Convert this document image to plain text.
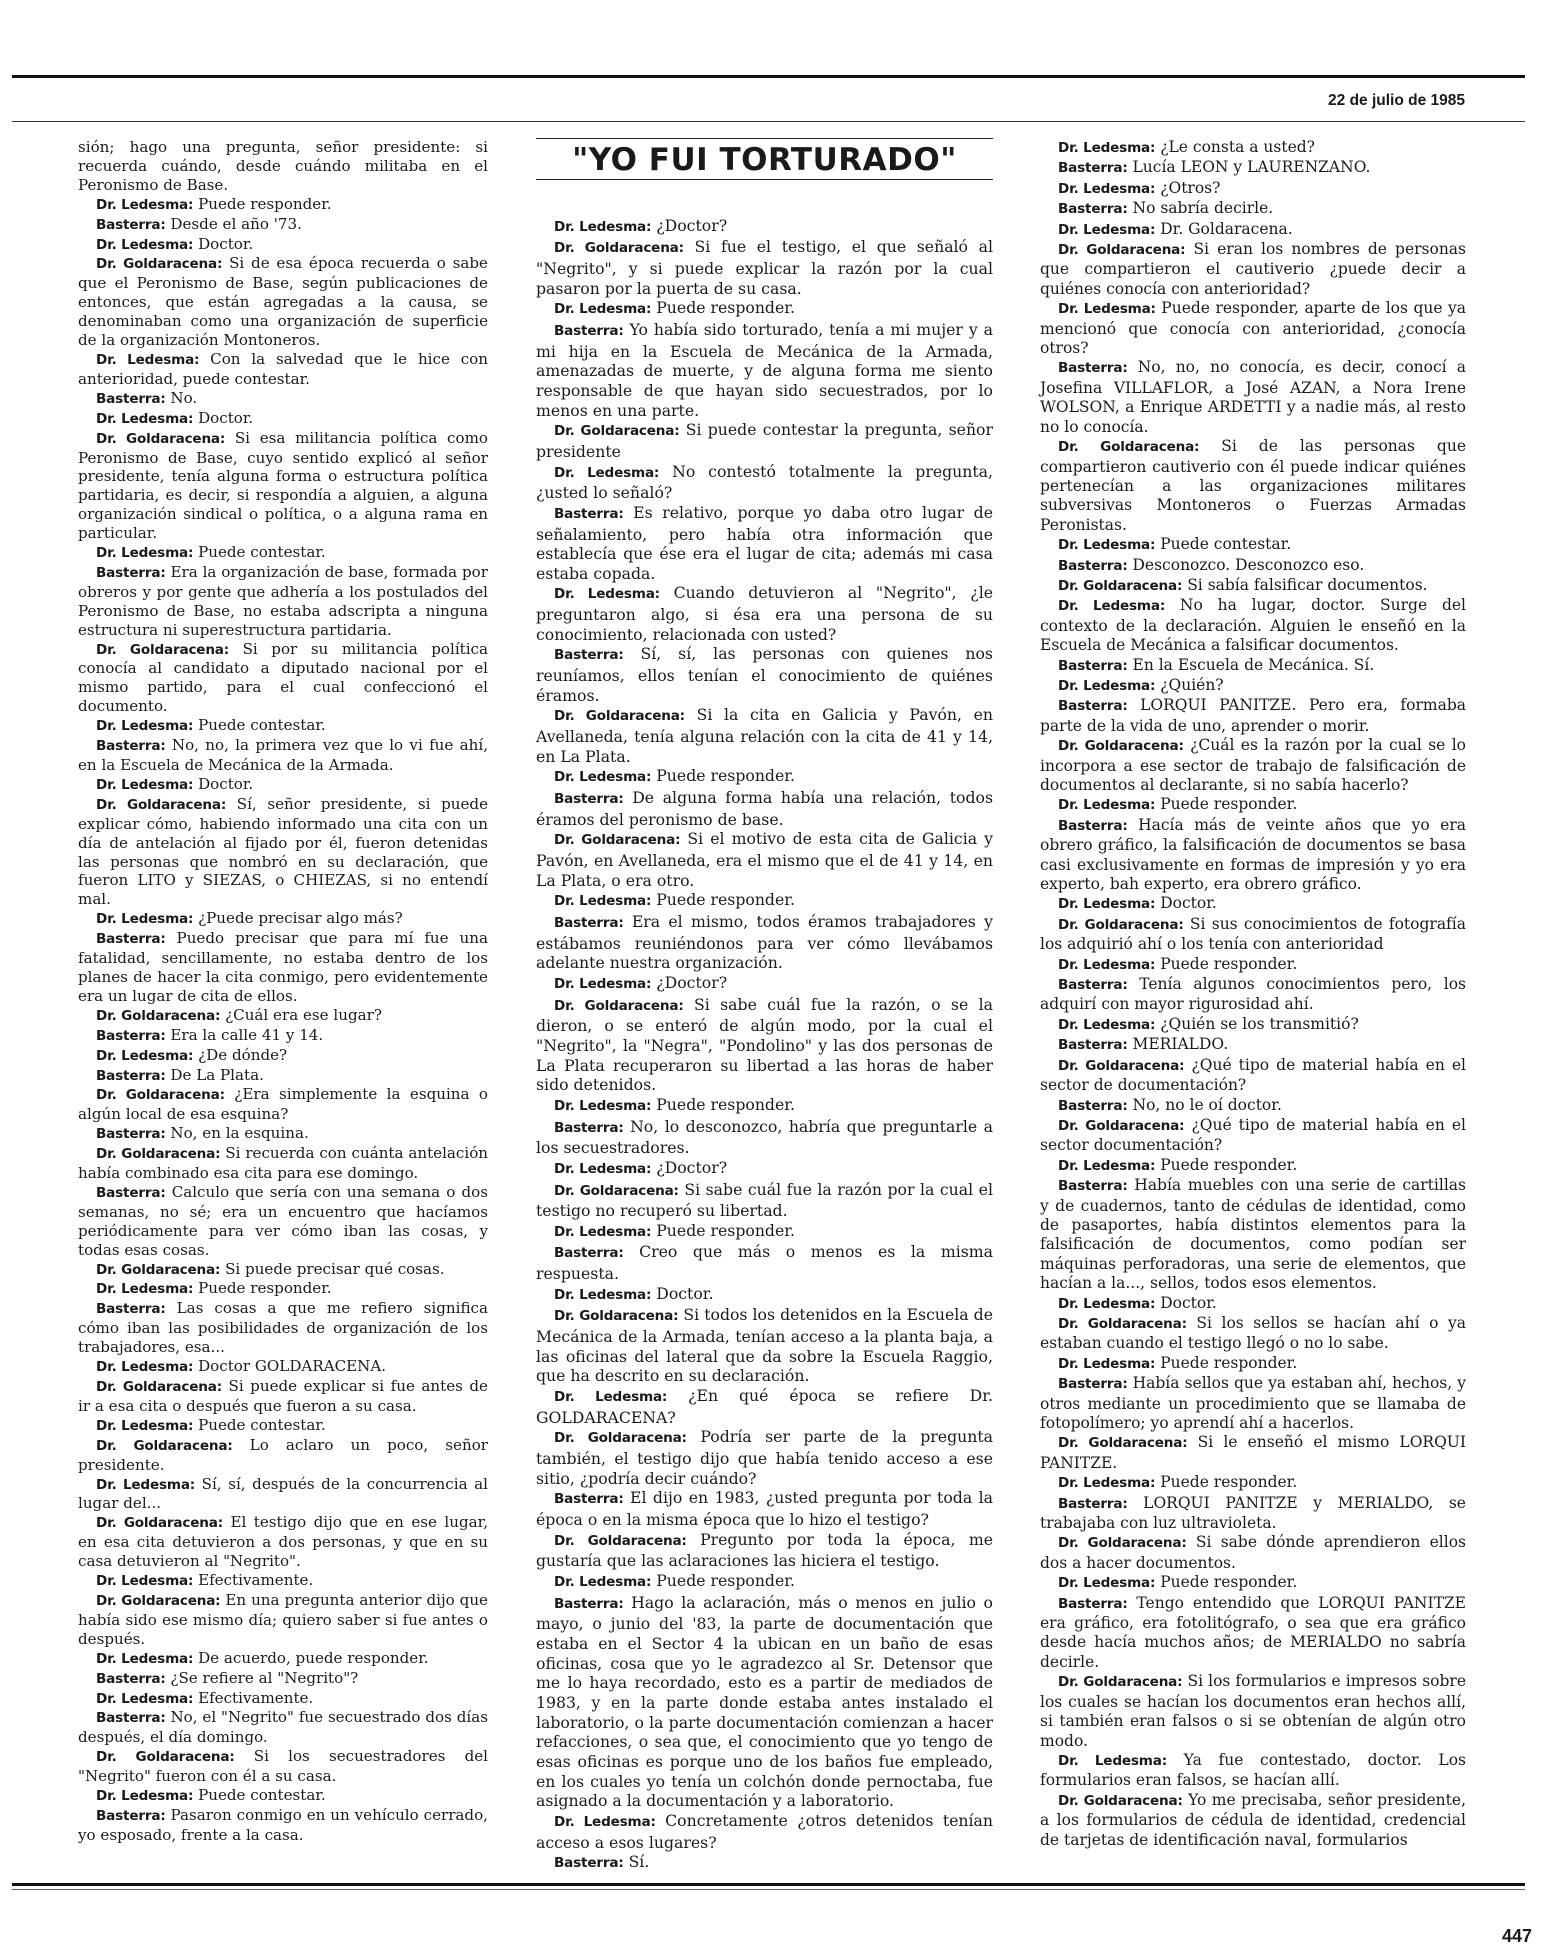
22 de julio de 1985

sión; hago una pregunta, señor presidente: si recuerda cuándo, desde cuándo militaba en el Peronismo de Base.

Dr. Ledesma: Puede responder.

Basterra: Desde el año '73.

Dr. Ledesma: Doctor.

Dr. Goldaracena: Si de esa época recuerda o sabe que el Peronismo de Base, según publicaciones de entonces, que están agregadas a la causa, se denominaban como una organización de superficie de la organización Montoneros.

Dr. Ledesma: Con la salvedad que le hice con anterioridad, puede contestar.

Basterra: No.

Dr. Ledesma: Doctor.

Dr. Goldaracena: Si esa militancia política como Peronismo de Base, cuyo sentido explicó al señor presidente, tenía alguna forma o estructura política partidaria, es decir, si respondía a alguien, a alguna organización sindical o política, o a alguna rama en particular.

Dr. Ledesma: Puede contestar.

Basterra: Era la organización de base, formada por obreros y por gente que adhería a los postulados del Peronismo de Base, no estaba adscripta a ninguna estructura ni superestructura partidaria.

Dr. Goldaracena: Si por su militancia política conocía al candidato a diputado nacional por el mismo partido, para el cual confeccionó el documento.

Dr. Ledesma: Puede contestar.

Basterra: No, no, la primera vez que lo vi fue ahí, en la Escuela de Mecánica de la Armada.

Dr. Ledesma: Doctor.

Dr. Goldaracena: Sí, señor presidente, si puede explicar cómo, habiendo informado una cita con un día de antelación al fijado por él, fueron detenidas las personas que nombró en su declaración, que fueron LITO y SIEZAS, o CHIEZAS, si no entendí mal.

Dr. Ledesma: ¿Puede precisar algo más?

Basterra: Puedo precisar que para mí fue una fatalidad, sencillamente, no estaba dentro de los planes de hacer la cita conmigo, pero evidentemente era un lugar de cita de ellos.

Dr. Goldaracena: ¿Cuál era ese lugar?

Basterra: Era la calle 41 y 14.

Dr. Ledesma: ¿De dónde?

Basterra: De La Plata.

Dr. Goldaracena: ¿Era simplemente la esquina o algún local de esa esquina?

Basterra: No, en la esquina.

Dr. Goldaracena: Si recuerda con cuánta antelación había combinado esa cita para ese domingo.

Basterra: Calculo que sería con una semana o dos semanas, no sé; era un encuentro que hacíamos periódicamente para ver cómo iban las cosas, y todas esas cosas.

Dr. Goldaracena: Si puede precisar qué cosas.

Dr. Ledesma: Puede responder.

Basterra: Las cosas a que me refiero significa cómo iban las posibilidades de organización de los trabajadores, esa...

Dr. Ledesma: Doctor GOLDARACENA.

Dr. Goldaracena: Si puede explicar si fue antes de ir a esa cita o después que fueron a su casa.

Dr. Ledesma: Puede contestar.

Dr. Goldaracena: Lo aclaro un poco, señor presidente.

Dr. Ledesma: Sí, sí, después de la concurrencia al lugar del...

Dr. Goldaracena: El testigo dijo que en ese lugar, en esa cita detuvieron a dos personas, y que en su casa detuvieron al "Negrito".

Dr. Ledesma: Efectivamente.

Dr. Goldaracena: En una pregunta anterior dijo que había sido ese mismo día; quiero saber si fue antes o después.

Dr. Ledesma: De acuerdo, puede responder.

Basterra: ¿Se refiere al "Negrito"?

Dr. Ledesma: Efectivamente.

Basterra: No, el "Negrito" fue secuestrado dos días después, el día domingo.

Dr. Goldaracena: Si los secuestradores del "Negrito" fueron con él a su casa.

Dr. Ledesma: Puede contestar.

Basterra: Pasaron conmigo en un vehículo cerrado, yo esposado, frente a la casa.

"YO FUI TORTURADO"

Dr. Ledesma: ¿Doctor?

Dr. Goldaracena: Si fue el testigo, el que señaló al "Negrito", y si puede explicar la razón por la cual pasaron por la puerta de su casa.

Dr. Ledesma: Puede responder.

Basterra: Yo había sido torturado, tenía a mi mujer y a mi hija en la Escuela de Mecánica de la Armada, amenazadas de muerte, y de alguna forma me siento responsable de que hayan sido secuestrados, por lo menos en una parte.

Dr. Goldaracena: Si puede contestar la pregunta, señor presidente

Dr. Ledesma: No contestó totalmente la pregunta, ¿usted lo señaló?

Basterra: Es relativo, porque yo daba otro lugar de señalamiento, pero había otra información que establecía que ése era el lugar de cita; además mi casa estaba copada.

Dr. Ledesma: Cuando detuvieron al "Negrito", ¿le preguntaron algo, si ésa era una persona de su conocimiento, relacionada con usted?

Basterra: Sí, sí, las personas con quienes nos reuníamos, ellos tenían el conocimiento de quiénes éramos.

Dr. Goldaracena: Si la cita en Galicia y Pavón, en Avellaneda, tenía alguna relación con la cita de 41 y 14, en La Plata.

Dr. Ledesma: Puede responder.

Basterra: De alguna forma había una relación, todos éramos del peronismo de base.

Dr. Goldaracena: Si el motivo de esta cita de Galicia y Pavón, en Avellaneda, era el mismo que el de 41 y 14, en La Plata, o era otro.

Dr. Ledesma: Puede responder.

Basterra: Era el mismo, todos éramos trabajadores y estábamos reuniéndonos para ver cómo llevábamos adelante nuestra organización.

Dr. Ledesma: ¿Doctor?

Dr. Goldaracena: Si sabe cuál fue la razón, o se la dieron, o se enteró de algún modo, por la cual el "Negrito", la "Negra", "Pondolino" y las dos personas de La Plata recuperaron su libertad a las horas de haber sido detenidos.

Dr. Ledesma: Puede responder.

Basterra: No, lo desconozco, habría que preguntarle a los secuestradores.

Dr. Ledesma: ¿Doctor?

Dr. Goldaracena: Si sabe cuál fue la razón por la cual el testigo no recuperó su libertad.

Dr. Ledesma: Puede responder.

Basterra: Creo que más o menos es la misma respuesta.

Dr. Ledesma: Doctor.

Dr. Goldaracena: Si todos los detenidos en la Escuela de Mecánica de la Armada, tenían acceso a la planta baja, a las oficinas del lateral que da sobre la Escuela Raggio, que ha descrito en su declaración.

Dr. Ledesma: ¿En qué época se refiere Dr. GOLDARACENA?

Dr. Goldaracena: Podría ser parte de la pregunta también, el testigo dijo que había tenido acceso a ese sitio, ¿podría decir cuándo?

Basterra: El dijo en 1983, ¿usted pregunta por toda la época o en la misma época que lo hizo el testigo?

Dr. Goldaracena: Pregunto por toda la época, me gustaría que las aclaraciones las hiciera el testigo.

Dr. Ledesma: Puede responder.

Basterra: Hago la aclaración, más o menos en julio o mayo, o junio del '83, la parte de documentación que estaba en el Sector 4 la ubican en un baño de esas oficinas, cosa que yo le agradezco al Sr. Detensor que me lo haya recordado, esto es a partir de mediados de 1983, y en la parte donde estaba antes instalado el laboratorio, o la parte documentación comienzan a hacer refacciones, o sea que, el conocimiento que yo tengo de esas oficinas es porque uno de los baños fue empleado, en los cuales yo tenía un colchón donde pernoctaba, fue asignado a la documentación y a laboratorio.

Dr. Ledesma: Concretamente ¿otros detenidos tenían acceso a esos lugares?

Basterra: Sí.

Dr. Ledesma: ¿Le consta a usted?

Basterra: Lucía LEON y LAURENZANO.

Dr. Ledesma: ¿Otros?

Basterra: No sabría decirle.

Dr. Ledesma: Dr. Goldaracena.

Dr. Goldaracena: Si eran los nombres de personas que compartieron el cautiverio ¿puede decir a quiénes conocía con anterioridad?

Dr. Ledesma: Puede responder, aparte de los que ya mencionó que conocía con anterioridad, ¿conocía otros?

Basterra: No, no, no conocía, es decir, conocí a Josefina VILLAFLOR, a José AZAN, a Nora Irene WOLSON, a Enrique ARDETTI y a nadie más, al resto no lo conocía.

Dr. Goldaracena: Si de las personas que compartieron cautiverio con él puede indicar quiénes pertenecían a las organizaciones militares subversivas Montoneros o Fuerzas Armadas Peronistas.

Dr. Ledesma: Puede contestar.

Basterra: Desconozco. Desconozco eso.

Dr. Goldaracena: Si sabía falsificar documentos.

Dr. Ledesma: No ha lugar, doctor. Surge del contexto de la declaración. Alguien le enseñó en la Escuela de Mecánica a falsificar documentos.

Basterra: En la Escuela de Mecánica. Sí.

Dr. Ledesma: ¿Quién?

Basterra: LORQUI PANITZE. Pero era, formaba parte de la vida de uno, aprender o morir.

Dr. Goldaracena: ¿Cuál es la razón por la cual se lo incorpora a ese sector de trabajo de falsificación de documentos al declarante, si no sabía hacerlo?

Dr. Ledesma: Puede responder.

Basterra: Hacía más de veinte años que yo era obrero gráfico, la falsificación de documentos se basa casi exclusivamente en formas de impresión y yo era experto, bah experto, era obrero gráfico.

Dr. Ledesma: Doctor.

Dr. Goldaracena: Si sus conocimientos de fotografía los adquirió ahí o los tenía con anterioridad

Dr. Ledesma: Puede responder.

Basterra: Tenía algunos conocimientos pero, los adquirí con mayor rigurosidad ahí.

Dr. Ledesma: ¿Quién se los transmitió?

Basterra: MERIALDO.

Dr. Goldaracena: ¿Qué tipo de material había en el sector de documentación?

Basterra: No, no le oí doctor.

Dr. Goldaracena: ¿Qué tipo de material había en el sector documentación?

Dr. Ledesma: Puede responder.

Basterra: Había muebles con una serie de cartillas y de cuadernos, tanto de cédulas de identidad, como de pasaportes, había distintos elementos para la falsificación de documentos, como podían ser máquinas perforadoras, una serie de elementos, que hacían a la..., sellos, todos esos elementos.

Dr. Ledesma: Doctor.

Dr. Goldaracena: Si los sellos se hacían ahí o ya estaban cuando el testigo llegó o no lo sabe.

Dr. Ledesma: Puede responder.

Basterra: Había sellos que ya estaban ahí, hechos, y otros mediante un procedimiento que se llamaba de fotopolímero; yo aprendí ahí a hacerlos.

Dr. Goldaracena: Si le enseñó el mismo LORQUI PANITZE.

Dr. Ledesma: Puede responder.

Basterra: LORQUI PANITZE y MERIALDO, se trabajaba con luz ultravioleta.

Dr. Goldaracena: Si sabe dónde aprendieron ellos dos a hacer documentos.

Dr. Ledesma: Puede responder.

Basterra: Tengo entendido que LORQUI PANITZE era gráfico, era fotolitógrafo, o sea que era gráfico desde hacía muchos años; de MERIALDO no sabría decirle.

Dr. Goldaracena: Si los formularios e impresos sobre los cuales se hacían los documentos eran hechos allí, si también eran falsos o si se obtenían de algún otro modo.

Dr. Ledesma: Ya fue contestado, doctor. Los formularios eran falsos, se hacían allí.

Dr. Goldaracena: Yo me precisaba, señor presidente, a los formularios de cédula de identidad, credencial de tarjetas de identificación naval, formularios

447
